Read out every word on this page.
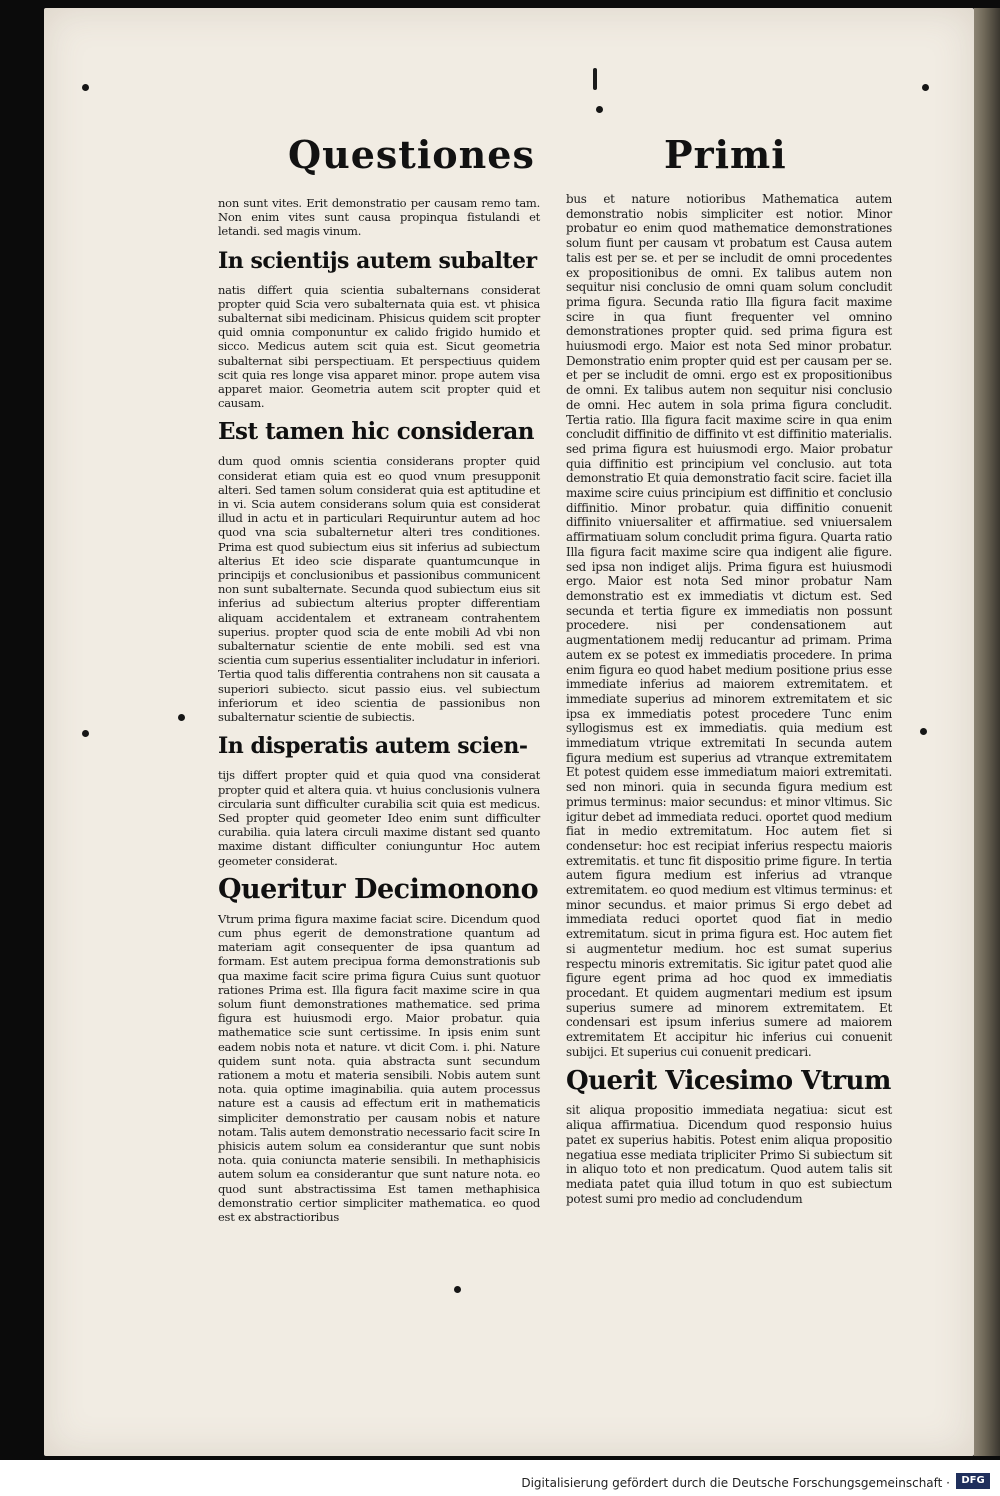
Questiones	Primi

non sunt vites. Erit demonstratio per causam remo tam. Non enim vites sunt causa propinqua fistulandi et letandi. sed magis vinum.

In scientijs autem subalter

natis differt quia scientia subalternans considerat propter quid Scia vero subalternata quia est. vt phisica subalternat sibi medicinam. Phisicus quidem scit propter quid omnia componuntur ex calido frigido humido et sicco. Medicus autem scit quia est. Sicut geometria subalternat sibi perspectiuam. Et perspectiuus quidem scit quia res longe visa apparet minor. prope autem visa apparet maior. Geometria autem scit propter quid et causam.

Est tamen hic consideran

dum quod omnis scientia considerans propter quid considerat etiam quia est eo quod vnum presupponit alteri. Sed tamen solum considerat quia est aptitudine et in vi. Scia autem considerans solum quia est considerat illud in actu et in particulari Requiruntur autem ad hoc quod vna scia subalternetur alteri tres conditiones. Prima est quod subiectum eius sit inferius ad subiectum alterius Et ideo scie disparate quantumcunque in principijs et conclusionibus et passionibus communicent non sunt subalternate. Secunda quod subiectum eius sit inferius ad subiectum alterius propter differentiam aliquam accidentalem et extraneam contrahentem superius. propter quod scia de ente mobili Ad vbi non subalternatur scientie de ente mobili. sed est vna scientia cum superius essentialiter includatur in inferiori. Tertia quod talis differentia contrahens non sit causata a superiori subiecto. sicut passio eius. vel subiectum inferiorum et ideo scientia de passionibus non subalternatur scientie de subiectis.

In disperatis autem scien-

tijs differt propter quid et quia quod vna considerat propter quid et altera quia. vt huius conclusionis vulnera circularia sunt difficulter curabilia scit quia est medicus. Sed propter quid geometer Ideo enim sunt difficulter curabilia. quia latera circuli maxime distant sed quanto maxime distant difficulter coniunguntur Hoc autem geometer considerat.

Queritur Decimonono

Vtrum prima figura maxime faciat scire. Dicendum quod cum phus egerit de demonstratione quantum ad materiam agit consequenter de ipsa quantum ad formam. Est autem precipua forma demonstrationis sub qua maxime facit scire prima figura Cuius sunt quotuor rationes Prima est. Illa figura facit maxime scire in qua solum fiunt demonstrationes mathematice. sed prima figura est huiusmodi ergo. Maior probatur. quia mathematice scie sunt certissime. In ipsis enim sunt eadem nobis nota et nature. vt dicit Com. i. phi. Nature quidem sunt nota. quia abstracta sunt secundum rationem a motu et materia sensibili. Nobis autem sunt nota. quia optime imaginabilia. quia autem processus nature est a causis ad effectum erit in mathematicis simpliciter demonstratio per causam nobis et nature notam. Talis autem demonstratio necessario facit scire In phisicis autem solum ea considerantur que sunt nobis nota. quia coniuncta materie sensibili. In methaphisicis autem solum ea considerantur que sunt nature nota. eo quod sunt abstractissima Est tamen methaphisica demonstratio certior simpliciter mathematica. eo quod est ex abstractioribus

bus et nature notioribus Mathematica autem demonstratio nobis simpliciter est notior. Minor probatur eo enim quod mathematice demonstrationes solum fiunt per causam vt probatum est Causa autem talis est per se. et per se includit de omni procedentes ex propositionibus de omni. Ex talibus autem non sequitur nisi conclusio de omni quam solum concludit prima figura. Secunda ratio Illa figura facit maxime scire in qua fiunt frequenter vel omnino demonstrationes propter quid. sed prima figura est huiusmodi ergo. Maior est nota Sed minor probatur. Demonstratio enim propter quid est per causam per se. et per se includit de omni. ergo est ex propositionibus de omni. Ex talibus autem non sequitur nisi conclusio de omni. Hec autem in sola prima figura concludit. Tertia ratio. Illa figura facit maxime scire in qua enim concludit diffinitio de diffinito vt est diffinitio materialis. sed prima figura est huiusmodi ergo. Maior probatur quia diffinitio est principium vel conclusio. aut tota demonstratio Et quia demonstratio facit scire. faciet illa maxime scire cuius principium est diffinitio et conclusio diffinitio. Minor probatur. quia diffinitio conuenit diffinito vniuersaliter et affirmatiue. sed vniuersalem affirmatiuam solum concludit prima figura. Quarta ratio Illa figura facit maxime scire qua indigent alie figure. sed ipsa non indiget alijs. Prima figura est huiusmodi ergo. Maior est nota Sed minor probatur Nam demonstratio est ex immediatis vt dictum est. Sed secunda et tertia figure ex immediatis non possunt procedere. nisi per condensationem aut augmentationem medij reducantur ad primam. Prima autem ex se potest ex immediatis procedere. In prima enim figura eo quod habet medium positione prius esse immediate inferius ad maiorem extremitatem. et immediate superius ad minorem extremitatem et sic ipsa ex immediatis potest procedere Tunc enim syllogismus est ex immediatis. quia medium est immediatum vtrique extremitati In secunda autem figura medium est superius ad vtranque extremitatem Et potest quidem esse immediatum maiori extremitati. sed non minori. quia in secunda figura medium est primus terminus: maior secundus: et minor vltimus. Sic igitur debet ad immediata reduci. oportet quod medium fiat in medio extremitatum. Hoc autem fiet si condensetur: hoc est recipiat inferius respectu maioris extremitatis. et tunc fit dispositio prime figure. In tertia autem figura medium est inferius ad vtranque extremitatem. eo quod medium est vltimus terminus: et minor secundus. et maior primus Si ergo debet ad immediata reduci oportet quod fiat in medio extremitatum. sicut in prima figura est. Hoc autem fiet si augmentetur medium. hoc est sumat superius respectu minoris extremitatis. Sic igitur patet quod alie figure egent prima ad hoc quod ex immediatis procedant. Et quidem augmentari medium est ipsum superius sumere ad minorem extremitatem. Et condensari est ipsum inferius sumere ad maiorem extremitatem Et accipitur hic inferius cui conuenit subijci. Et superius cui conuenit predicari.

Querit Vicesimo Vtrum

sit aliqua propositio immediata negatiua: sicut est aliqua affirmatiua. Dicendum quod responsio huius patet ex superius habitis. Potest enim aliqua propositio negatiua esse mediata tripliciter Primo Si subiectum sit in aliquo toto et non predicatum. Quod autem talis sit mediata patet quia illud totum in quo est subiectum potest sumi pro medio ad concludendum

Digitalisierung gefördert durch die Deutsche Forschungsgemeinschaft ·	DFG
